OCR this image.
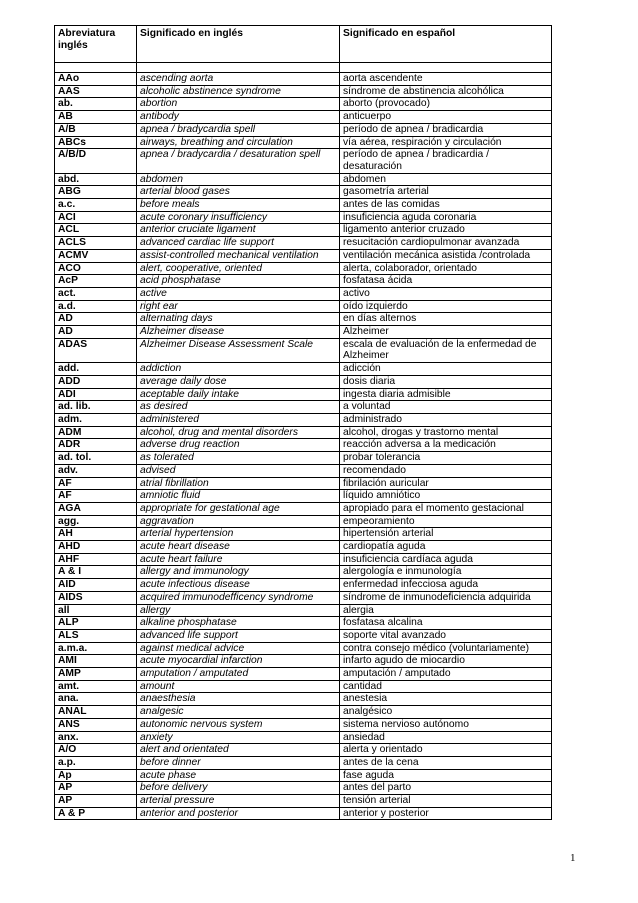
Abreviatura inglés	Significado en inglés	Significado en español

AAo	ascending aorta	aorta ascendente
AAS	alcoholic abstinence syndrome	síndrome de abstinencia alcohólica
ab.	abortion	aborto (provocado)
AB	antibody	anticuerpo
A/B	apnea / bradycardia spell	período de apnea / bradicardia
ABCs	airways, breathing and circulation	vía aérea, respiración y circulación
A/B/D	apnea / bradycardia / desaturation spell	período de apnea / bradicardia / desaturación
abd.	abdomen	abdomen
ABG	arterial blood gases	gasometría arterial
a.c.	before meals	antes de las comidas
ACI	acute coronary insufficiency	insuficiencia aguda coronaria
ACL	anterior cruciate ligament	ligamento anterior cruzado
ACLS	advanced cardiac life support	resucitación cardiopulmonar avanzada
ACMV	assist-controlled mechanical ventilation	ventilación mecánica asistida /controlada
ACO	alert, cooperative, oriented	alerta, colaborador, orientado
AcP	acid phosphatase	fosfatasa ácida
act.	active	activo
a.d.	right ear	oído izquierdo
AD	alternating days	en días alternos
AD	Alzheimer disease	Alzheimer
ADAS	Alzheimer Disease Assessment Scale	escala de evaluación de la enfermedad de Alzheimer
add.	addiction	adicción
ADD	average daily dose	dosis diaria
ADI	aceptable daily intake	ingesta diaria admisible
ad. lib.	as desired	a voluntad
adm.	administered	administrado
ADM	alcohol, drug and mental disorders	alcohol, drogas y trastorno mental
ADR	adverse drug reaction	reacción adversa a la medicación
ad. tol.	as tolerated	probar tolerancia
adv.	advised	recomendado
AF	atrial fibrillation	fibrilación auricular
AF	amniotic fluid	líquido amniótico
AGA	appropriate for gestational age	apropiado para el momento gestacional
agg.	aggravation	empeoramiento
AH	arterial hypertension	hipertensión arterial
AHD	acute heart disease	cardiopatía aguda
AHF	acute heart failure	insuficiencia cardíaca aguda
A & I	allergy and immunology	alergología e inmunología
AID	acute infectious disease	enfermedad infecciosa aguda
AIDS	acquired immunodefficency syndrome	síndrome de inmunodeficiencia adquirida
all	allergy	alergia
ALP	alkaline phosphatase	fosfatasa alcalina
ALS	advanced life support	soporte vital avanzado
a.m.a.	against medical advice	contra consejo médico (voluntariamente)
AMI	acute myocardial infarction	infarto agudo de miocardio
AMP	amputation / amputated	amputación / amputado
amt.	amount	cantidad
ana.	anaesthesia	anestesia
ANAL	analgesic	analgésico
ANS	autonomic nervous system	sistema nervioso autónomo
anx.	anxiety	ansiedad
A/O	alert and orientated	alerta y orientado
a.p.	before dinner	antes de la cena
Ap	acute phase	fase aguda
AP	before delivery	antes del parto
AP	arterial pressure	tensión arterial
A & P	anterior and posterior	anterior y posterior
1
